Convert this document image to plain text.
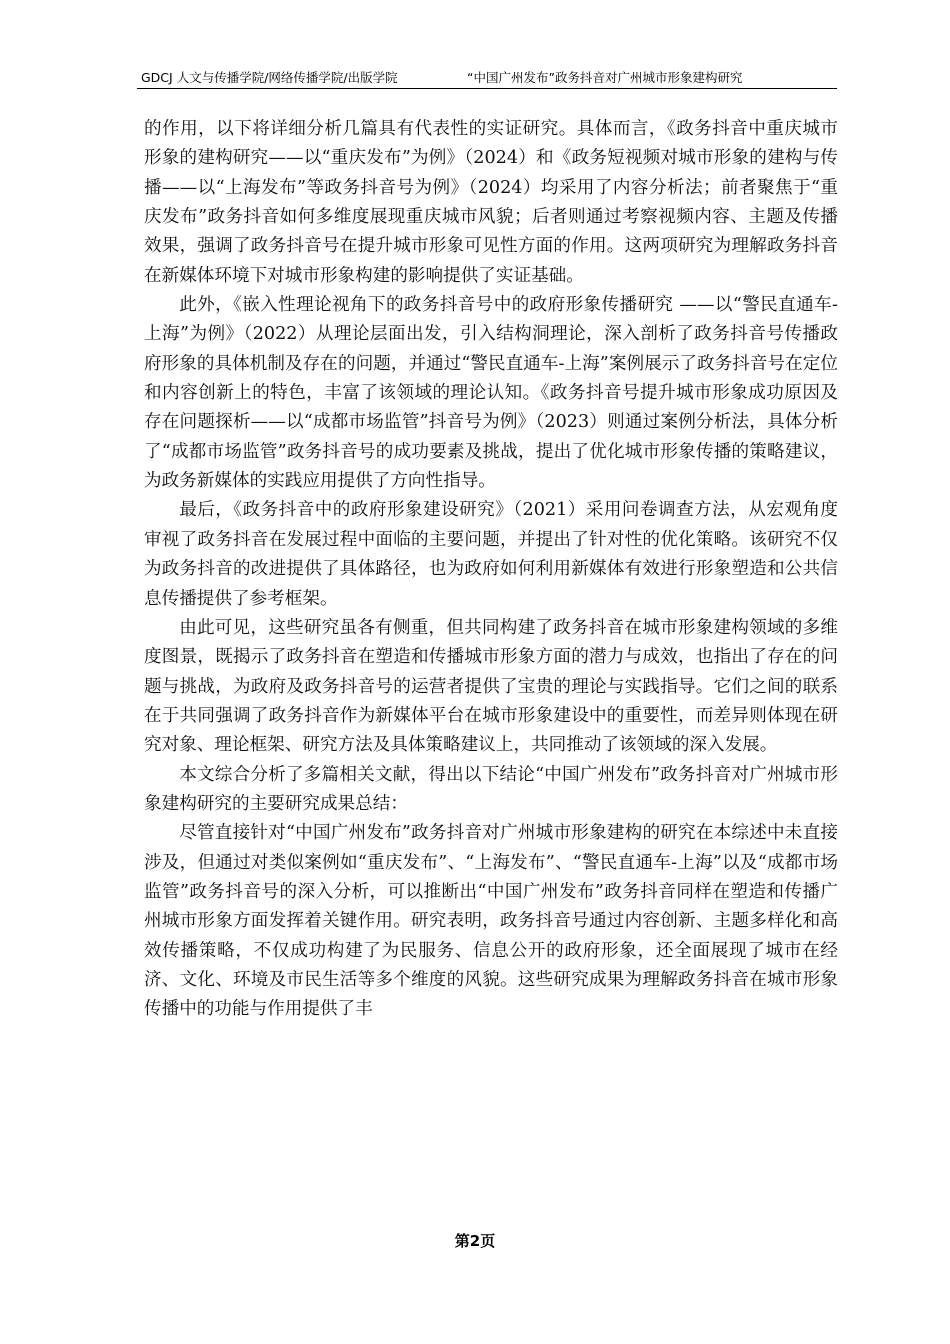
GDCJ 人文与传播学院/网络传播学院/出版学院	“中国广州发布”政务抖音对广州城市形象建构研究

的作用，以下将详细分析几篇具有代表性的实证研究。具体而言，《政务抖音中重庆城市形象的建构研究——以“重庆发布”为例》（2024）和《政务短视频对城市形象的建构与传播——以“上海发布”等政务抖音号为例》（2024）均采用了内容分析法；前者聚焦于“重庆发布”政务抖音如何多维度展现重庆城市风貌；后者则通过考察视频内容、主题及传播效果，强调了政务抖音号在提升城市形象可见性方面的作用。这两项研究为理解政务抖音在新媒体环境下对城市形象构建的影响提供了实证基础。

此外，《嵌入性理论视角下的政务抖音号中的政府形象传播研究 ——以“警民直通车-上海”为例》（2022）从理论层面出发，引入结构洞理论，深入剖析了政务抖音号传播政府形象的具体机制及存在的问题，并通过“警民直通车-上海”案例展示了政务抖音号在定位和内容创新上的特色，丰富了该领域的理论认知。《政务抖音号提升城市形象成功原因及存在问题探析——以“成都市场监管”抖音号为例》（2023）则通过案例分析法，具体分析了“成都市场监管”政务抖音号的成功要素及挑战，提出了优化城市形象传播的策略建议，为政务新媒体的实践应用提供了方向性指导。

最后，《政务抖音中的政府形象建设研究》（2021）采用问卷调查方法，从宏观角度审视了政务抖音在发展过程中面临的主要问题，并提出了针对性的优化策略。该研究不仅为政务抖音的改进提供了具体路径，也为政府如何利用新媒体有效进行形象塑造和公共信息传播提供了参考框架。

由此可见，这些研究虽各有侧重，但共同构建了政务抖音在城市形象建构领域的多维度图景，既揭示了政务抖音在塑造和传播城市形象方面的潜力与成效，也指出了存在的问题与挑战，为政府及政务抖音号的运营者提供了宝贵的理论与实践指导。它们之间的联系在于共同强调了政务抖音作为新媒体平台在城市形象建设中的重要性，而差异则体现在研究对象、理论框架、研究方法及具体策略建议上，共同推动了该领域的深入发展。

本文综合分析了多篇相关文献，得出以下结论“中国广州发布”政务抖音对广州城市形象建构研究的主要研究成果总结：

尽管直接针对“中国广州发布”政务抖音对广州城市形象建构的研究在本综述中未直接涉及，但通过对类似案例如“重庆发布”、“上海发布”、“警民直通车-上海”以及“成都市场监管”政务抖音号的深入分析，可以推断出“中国广州发布”政务抖音同样在塑造和传播广州城市形象方面发挥着关键作用。研究表明，政务抖音号通过内容创新、主题多样化和高效传播策略，不仅成功构建了为民服务、信息公开的政府形象，还全面展现了城市在经济、文化、环境及市民生活等多个维度的风貌。这些研究成果为理解政务抖音在城市形象传播中的功能与作用提供了丰

第2页
